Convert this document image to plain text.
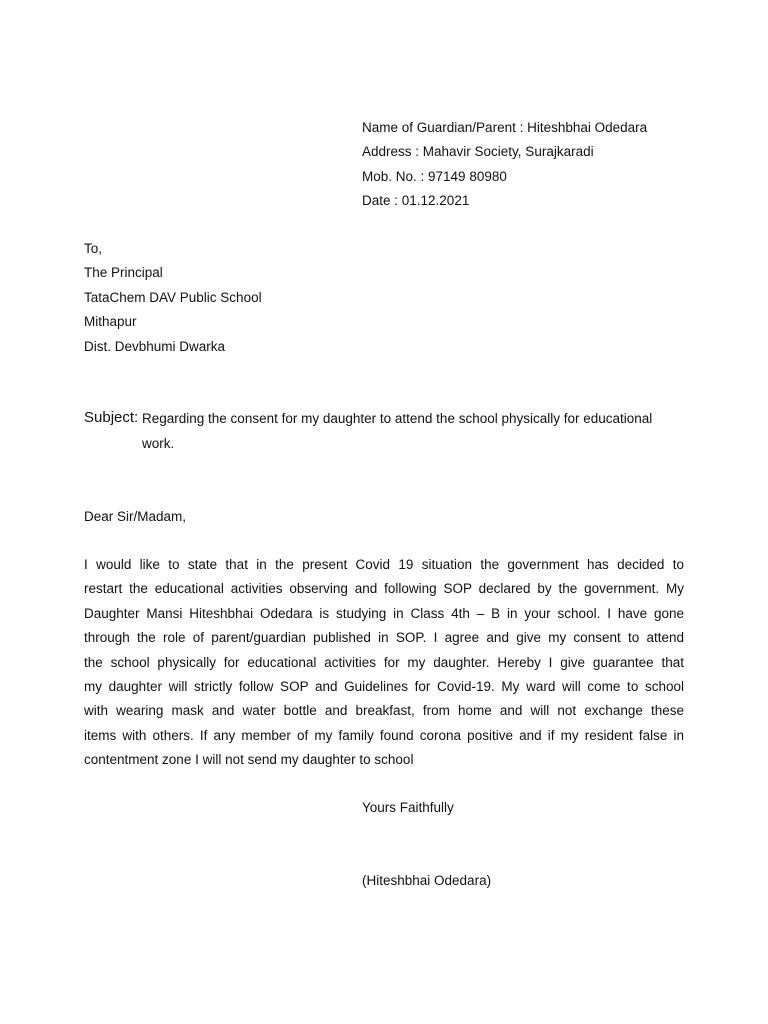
Name of Guardian/Parent : Hiteshbhai Odedara
Address : Mahavir Society, Surajkaradi
Mob. No. : 97149 80980
Date : 01.12.2021
To,
The Principal
TataChem DAV Public School
Mithapur
Dist. Devbhumi Dwarka
Subject: Regarding the consent for my daughter to attend the school physically for educational
work.
Dear Sir/Madam,
I would like to state that in the present Covid 19 situation the government has decided to
restart the educational activities observing and following SOP declared by the government. My
Daughter Mansi Hiteshbhai Odedara is studying in Class 4th – B in your school. I have gone
through the role of parent/guardian published in SOP. I agree and give my consent to attend
the school physically for educational activities for my daughter. Hereby I give guarantee that
my daughter will strictly follow SOP and Guidelines for Covid-19. My ward will come to school
with wearing mask and water bottle and breakfast, from home and will not exchange these
items with others. If any member of my family found corona positive and if my resident false in
contentment zone I will not send my daughter to school
Yours Faithfully
(Hiteshbhai Odedara)
